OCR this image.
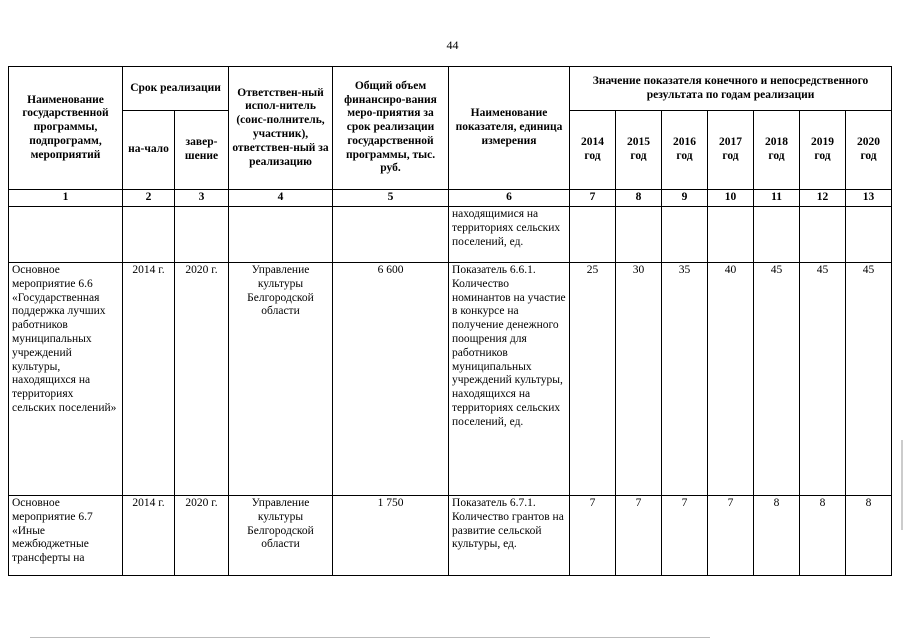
44
Наименование государственной программы, подпрограмм, мероприятий	Срок реализации		Ответствен-ный испол-нитель (соис-полнитель, участник), ответствен-ный за реализацию	Общий объем финансиро-вания меро-приятия за срок реализации государственной программы, тыс. руб.	Наименование показателя, единица измерения	Значение показателя конечного и непосредственного результата по годам реализации						
	на-чало	завер-шение				2014 год	2015 год	2016 год	2017 год	2018 год	2019 год	2020 год
1	2	3	4	5	6	7	8	9	10	11	12	13
					находящимися на территориях сельских поселений, ед.							
Основное мероприятие 6.6 «Государственная поддержка лучших работников муниципальных учреждений культуры, находящихся на территориях сельских поселений»	2014 г.	2020 г.	Управление культуры Белгородской области	6 600	Показатель 6.6.1. Количество номинантов на участие в конкурсе на получение денежного поощрения для работников муниципальных учреждений культуры, находящихся на территориях сельских поселений, ед.	25	30	35	40	45	45	45
Основное мероприятие 6.7 «Иные межбюджетные трансферты на	2014 г.	2020 г.	Управление культуры Белгородской области	1 750	Показатель 6.7.1. Количество грантов на развитие сельской культуры, ед.	7	7	7	7	8	8	8
